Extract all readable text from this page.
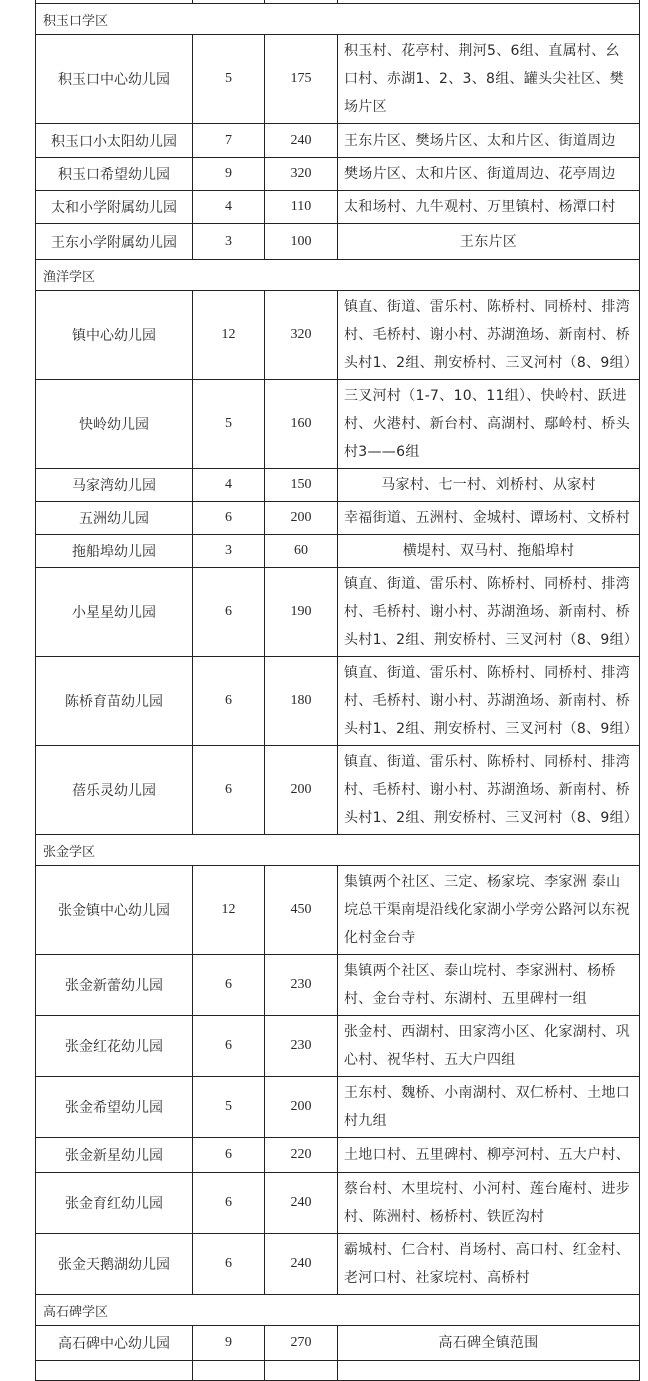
积玉口学区			
积玉口中心幼儿园	5	175	积玉村、花亭村、荆河5、6组、直属村、幺口村、赤湖1、2、3、8组、罐头尖社区、樊场片区
积玉口小太阳幼儿园	7	240	王东片区、樊场片区、太和片区、街道周边
积玉口希望幼儿园	9	320	樊场片区、太和片区、街道周边、花亭周边
太和小学附属幼儿园	4	110	太和场村、九牛观村、万里镇村、杨潭口村
王东小学附属幼儿园	3	100	王东片区
渔洋学区			
镇中心幼儿园	12	320	镇直、街道、雷乐村、陈桥村、同桥村、排湾村、毛桥村、谢小村、苏湖渔场、新南村、桥头村1、2组、荆安桥村、三叉河村（8、9组）
快岭幼儿园	5	160	三叉河村（1-7、10、11组）、快岭村、跃进村、火港村、新台村、高湖村、鄢岭村、桥头村3——6组
马家湾幼儿园	4	150	马家村、七一村、刘桥村、从家村
五洲幼儿园	6	200	幸福街道、五洲村、金城村、谭场村、文桥村
拖船埠幼儿园	3	60	横堤村、双马村、拖船埠村
小星星幼儿园	6	190	镇直、街道、雷乐村、陈桥村、同桥村、排湾村、毛桥村、谢小村、苏湖渔场、新南村、桥头村1、2组、荆安桥村、三叉河村（8、9组）
陈桥育苗幼儿园	6	180	镇直、街道、雷乐村、陈桥村、同桥村、排湾村、毛桥村、谢小村、苏湖渔场、新南村、桥头村1、2组、荆安桥村、三叉河村（8、9组）
蓓乐灵幼儿园	6	200	镇直、街道、雷乐村、陈桥村、同桥村、排湾村、毛桥村、谢小村、苏湖渔场、新南村、桥头村1、2组、荆安桥村、三叉河村（8、9组）
张金学区			
张金镇中心幼儿园	12	450	集镇两个社区、三定、杨家垸、李家洲 泰山垸总干渠南堤沿线化家湖小学旁公路河以东祝化村金台寺
张金新蕾幼儿园	6	230	集镇两个社区、泰山垸村、李家洲村、杨桥村、金台寺村、东湖村、五里碑村一组
张金红花幼儿园	6	230	张金村、西湖村、田家湾小区、化家湖村、巩心村、祝华村、五大户四组
张金希望幼儿园	5	200	王东村、魏桥、小南湖村、双仁桥村、土地口村九组
张金新星幼儿园	6	220	土地口村、五里碑村、柳亭河村、五大户村、
张金育红幼儿园	6	240	蔡台村、木里垸村、小河村、莲台庵村、进步村、陈洲村、杨桥村、铁匠沟村
张金天鹅湖幼儿园	6	240	霸城村、仁合村、肖场村、高口村、红金村、老河口村、社家垸村、高桥村
高石碑学区			
高石碑中心幼儿园	9	270	高石碑全镇范围
